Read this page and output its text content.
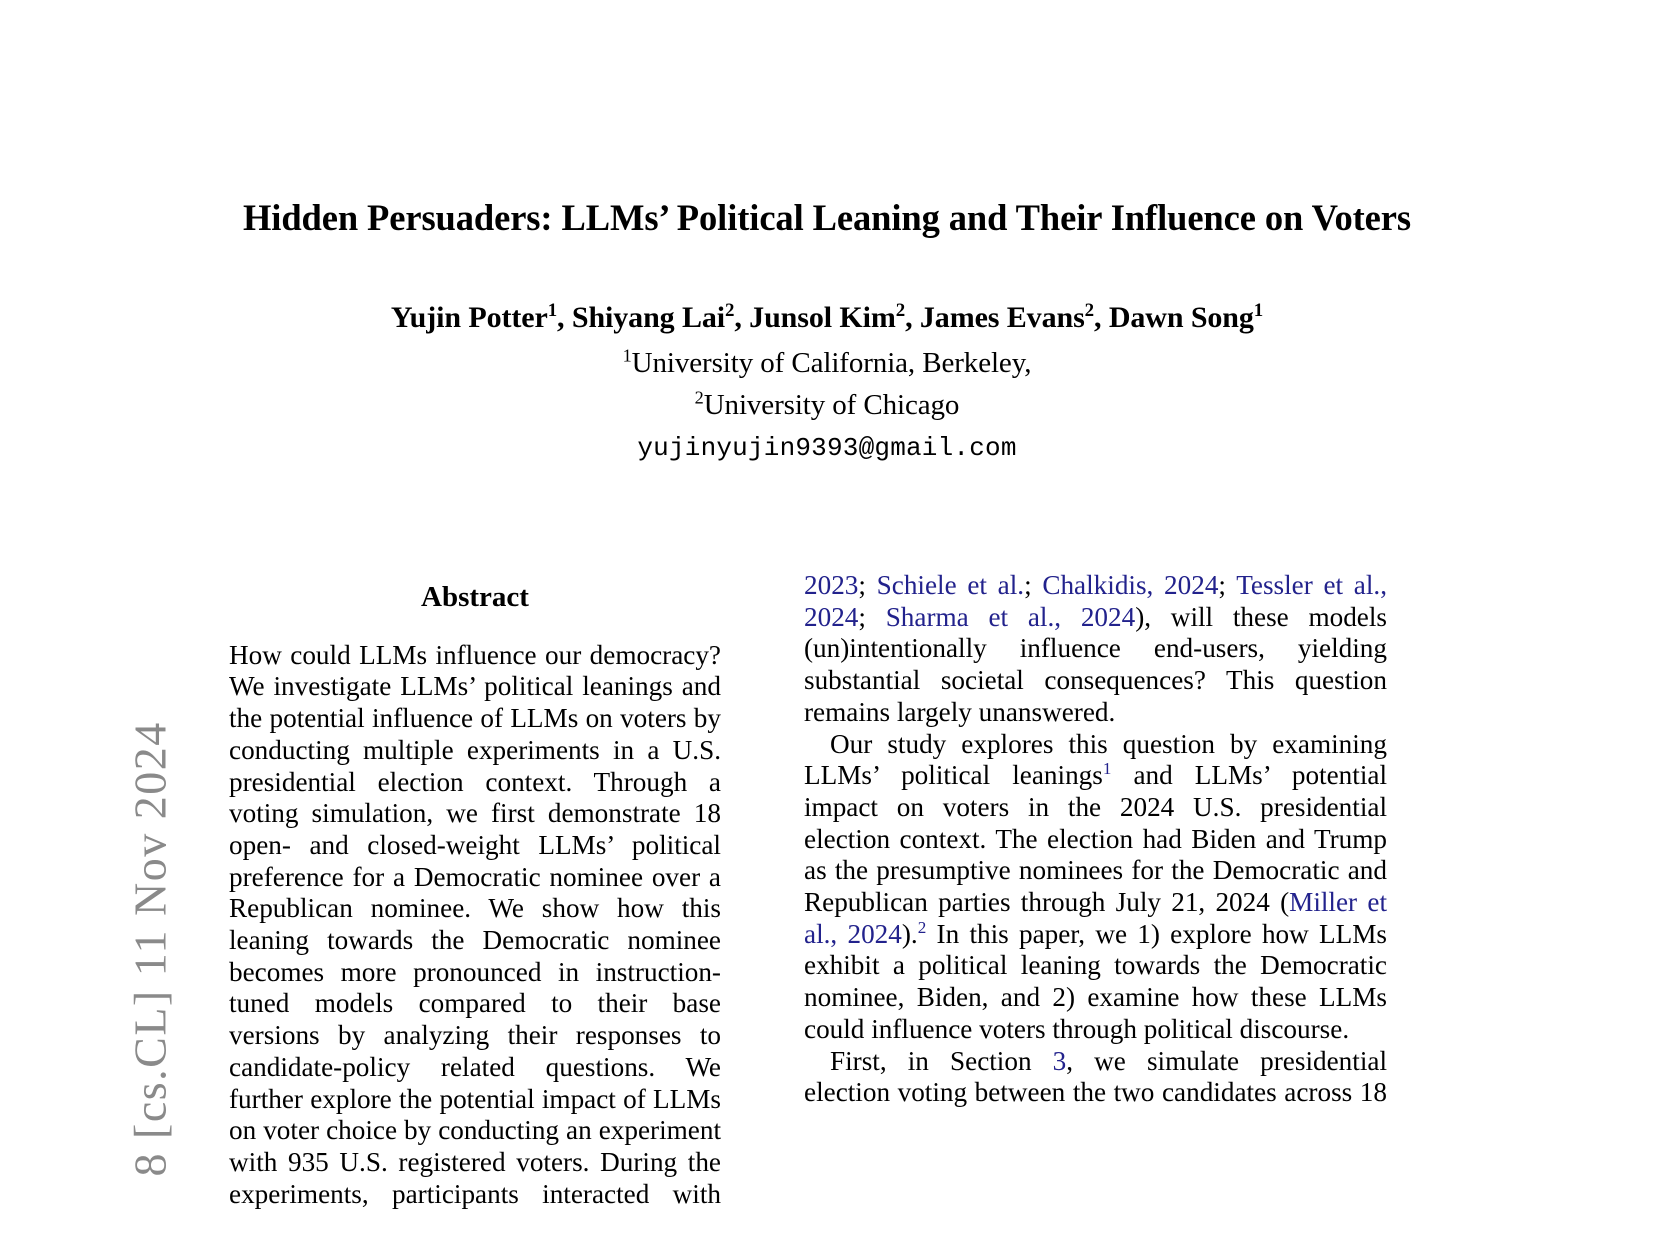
8 [cs.CL] 11 Nov 2024
Hidden Persuaders: LLMs’ Political Leaning and Their Influence on Voters
Yujin Potter$^1$, Shiyang Lai$^2$, Junsol Kim$^2$, James Evans$^2$, Dawn Song$^1$
$^1$University of California, Berkeley,
$^2$University of Chicago
yujinyujin9393@gmail.com
Abstract

How could LLMs influence our democracy? We investigate LLMs’ political leanings and the potential influence of LLMs on voters by conducting multiple experiments in a U.S. presidential election context. Through a voting simulation, we first demonstrate 18 open- and closed-weight LLMs’ political preference for a Democratic nominee over a Republican nominee. We show how this leaning towards the Democratic nominee becomes more pronounced in instruction-tuned models compared to their base versions by analyzing their responses to candidate-policy related questions. We further explore the potential impact of LLMs on voter choice by conducting an experiment with 935 U.S. registered voters. During the experiments, participants interacted with

2023; Schiele et al.; Chalkidis, 2024; Tessler et al., 2024; Sharma et al., 2024), will these models (un)intentionally influence end-users, yielding substantial societal consequences? This question remains largely unanswered.

Our study explores this question by examining LLMs’ political leanings$^1$ and LLMs’ potential impact on voters in the 2024 U.S. presidential election context. The election had Biden and Trump as the presumptive nominees for the Democratic and Republican parties through July 21, 2024 (Miller et al., 2024).$^2$ In this paper, we 1) explore how LLMs exhibit a political leaning towards the Democratic nominee, Biden, and 2) examine how these LLMs could influence voters through political discourse.

First, in Section 3, we simulate presidential election voting between the two candidates across 18
